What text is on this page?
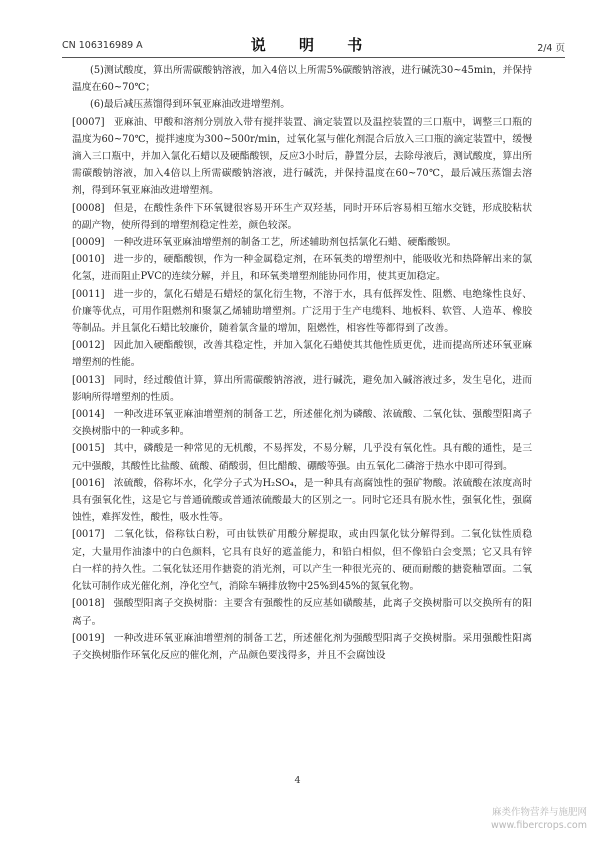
CN 106316989 A	说 明 书	2/4 页

(5)测试酸度，算出所需碳酸钠溶液，加入4倍以上所需5%碳酸钠溶液，进行碱洗30~45min，并保持温度在60~70℃；

(6)最后减压蒸馏得到环氧亚麻油改进增塑剂。

[0007] 亚麻油、甲酸和溶剂分别放入带有搅拌装置、滴定装置以及温控装置的三口瓶中，调整三口瓶的温度为60~70℃，搅拌速度为300~500r/min，过氧化氢与催化剂混合后放入三口瓶的滴定装置中，缓慢滴入三口瓶中，并加入氯化石蜡以及硬酯酸钡，反应3小时后，静置分层，去除母液后，测试酸度，算出所需碳酸钠溶液，加入4倍以上所需碳酸钠溶液，进行碱洗，并保持温度在60~70℃，最后减压蒸馏去溶剂，得到环氧亚麻油改进增塑剂。

[0008] 但是，在酸性条件下环氧键很容易开环生产双羟基，同时开环后容易相互缩水交链，形成胶粘状的副产物，使所得到的增塑剂稳定性差，颜色较深。

[0009] 一种改进环氧亚麻油增塑剂的制备工艺，所述辅助剂包括氯化石蜡、硬酯酸钡。

[0010] 进一步的，硬酯酸钡，作为一种金属稳定剂，在环氧类的增塑剂中，能吸收光和热降解出来的氯化氢，进而阻止PVC的连续分解，并且，和环氧类增塑剂能协同作用，使其更加稳定。

[0011] 进一步的，氯化石蜡是石蜡烃的氯化衍生物，不溶于水，具有低挥发性、阻燃、电绝缘性良好、价廉等优点，可用作阻燃剂和聚氯乙烯辅助增塑剂。广泛用于生产电缆料、地板料、软管、人造革、橡胶等制品。并且氯化石蜡比较廉价，随着氯含量的增加，阻燃性，相容性等都得到了改善。

[0012] 因此加入硬酯酸钡，改善其稳定性，并加入氯化石蜡使其其他性质更优，进而提高所述环氧亚麻增塑剂的性能。

[0013] 同时，经过酸值计算，算出所需碳酸钠溶液，进行碱洗，避免加入碱溶液过多，发生皂化，进而影响所得增塑剂的性质。

[0014] 一种改进环氧亚麻油增塑剂的制备工艺，所述催化剂为磷酸、浓硫酸、二氧化钛、强酸型阳离子交换树脂中的一种或多种。

[0015] 其中，磷酸是一种常见的无机酸，不易挥发，不易分解，几乎没有氧化性。具有酸的通性，是三元中强酸，其酸性比盐酸、硫酸、硝酸弱，但比醋酸、硼酸等强。由五氧化二磷溶于热水中即可得到。

[0016] 浓硫酸，俗称坏水，化学分子式为H₂SO₄，是一种具有高腐蚀性的强矿物酸。浓硫酸在浓度高时具有强氧化性，这是它与普通硫酸或普通浓硫酸最大的区别之一。同时它还具有脱水性，强氧化性，强腐蚀性，难挥发性，酸性，吸水性等。

[0017] 二氧化钛，俗称钛白粉，可由钛铁矿用酸分解提取，或由四氯化钛分解得到。二氧化钛性质稳定，大量用作油漆中的白色颜料，它具有良好的遮盖能力，和铅白相似，但不像铅白会变黑；它又具有锌白一样的持久性。二氧化钛还用作搪瓷的消光剂，可以产生一种很光亮的、硬而耐酸的搪瓷釉罩面。二氧化钛可制作成光催化剂，净化空气，消除车辆排放物中25%到45%的氮氧化物。

[0018] 强酸型阳离子交换树脂：主要含有强酸性的反应基如磺酸基，此离子交换树脂可以交换所有的阳离子。

[0019] 一种改进环氧亚麻油增塑剂的制备工艺，所述催化剂为强酸型阳离子交换树脂。采用强酸性阳离子交换树脂作环氧化反应的催化剂，产品颜色要浅得多，并且不会腐蚀设

4
麻类作物营养与施肥网
www.fibercrops.com
